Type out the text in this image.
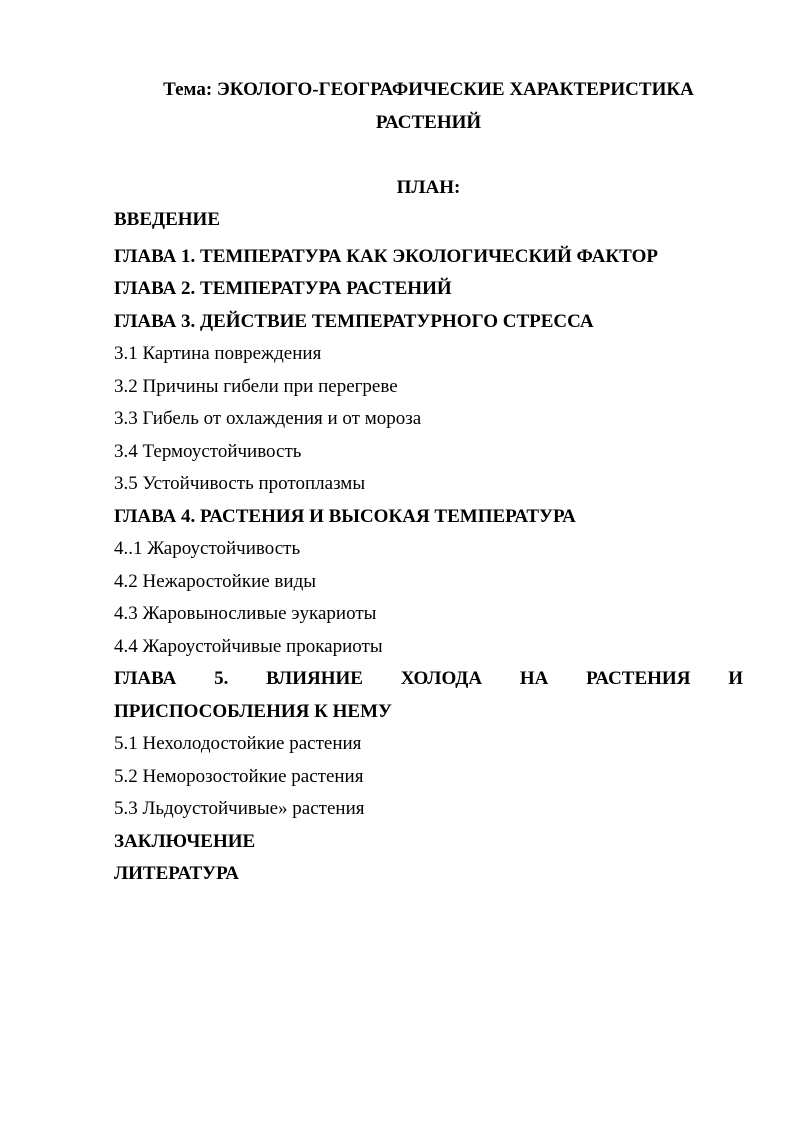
Тема: ЭКОЛОГО-ГЕОГРАФИЧЕСКИЕ ХАРАКТЕРИСТИКА РАСТЕНИЙ

ПЛАН:

ВВЕДЕНИЕ

ГЛАВА 1. ТЕМПЕРАТУРА КАК ЭКОЛОГИЧЕСКИЙ ФАКТОР

ГЛАВА 2. ТЕМПЕРАТУРА РАСТЕНИЙ

ГЛАВА 3. ДЕЙСТВИЕ ТЕМПЕРАТУРНОГО СТРЕССА

3.1 Картина повреждения

3.2 Причины гибели при перегреве

3.3 Гибель от охлаждения и от мороза

3.4 Термоустойчивость

3.5 Устойчивость протоплазмы

ГЛАВА 4. РАСТЕНИЯ И ВЫСОКАЯ ТЕМПЕРАТУРА

4..1 Жароустойчивость

4.2 Нежаростойкие виды

4.3 Жаровыносливые эукариоты

4.4 Жароустойчивые прокариоты

ГЛАВА 5. ВЛИЯНИЕ ХОЛОДА НА РАСТЕНИЯ И ПРИСПОСОБЛЕНИЯ К НЕМУ

5.1 Нехолодостойкие растения

5.2 Неморозостойкие растения

5.3 Льдоустойчивые» растения

ЗАКЛЮЧЕНИЕ

ЛИТЕРАТУРА
